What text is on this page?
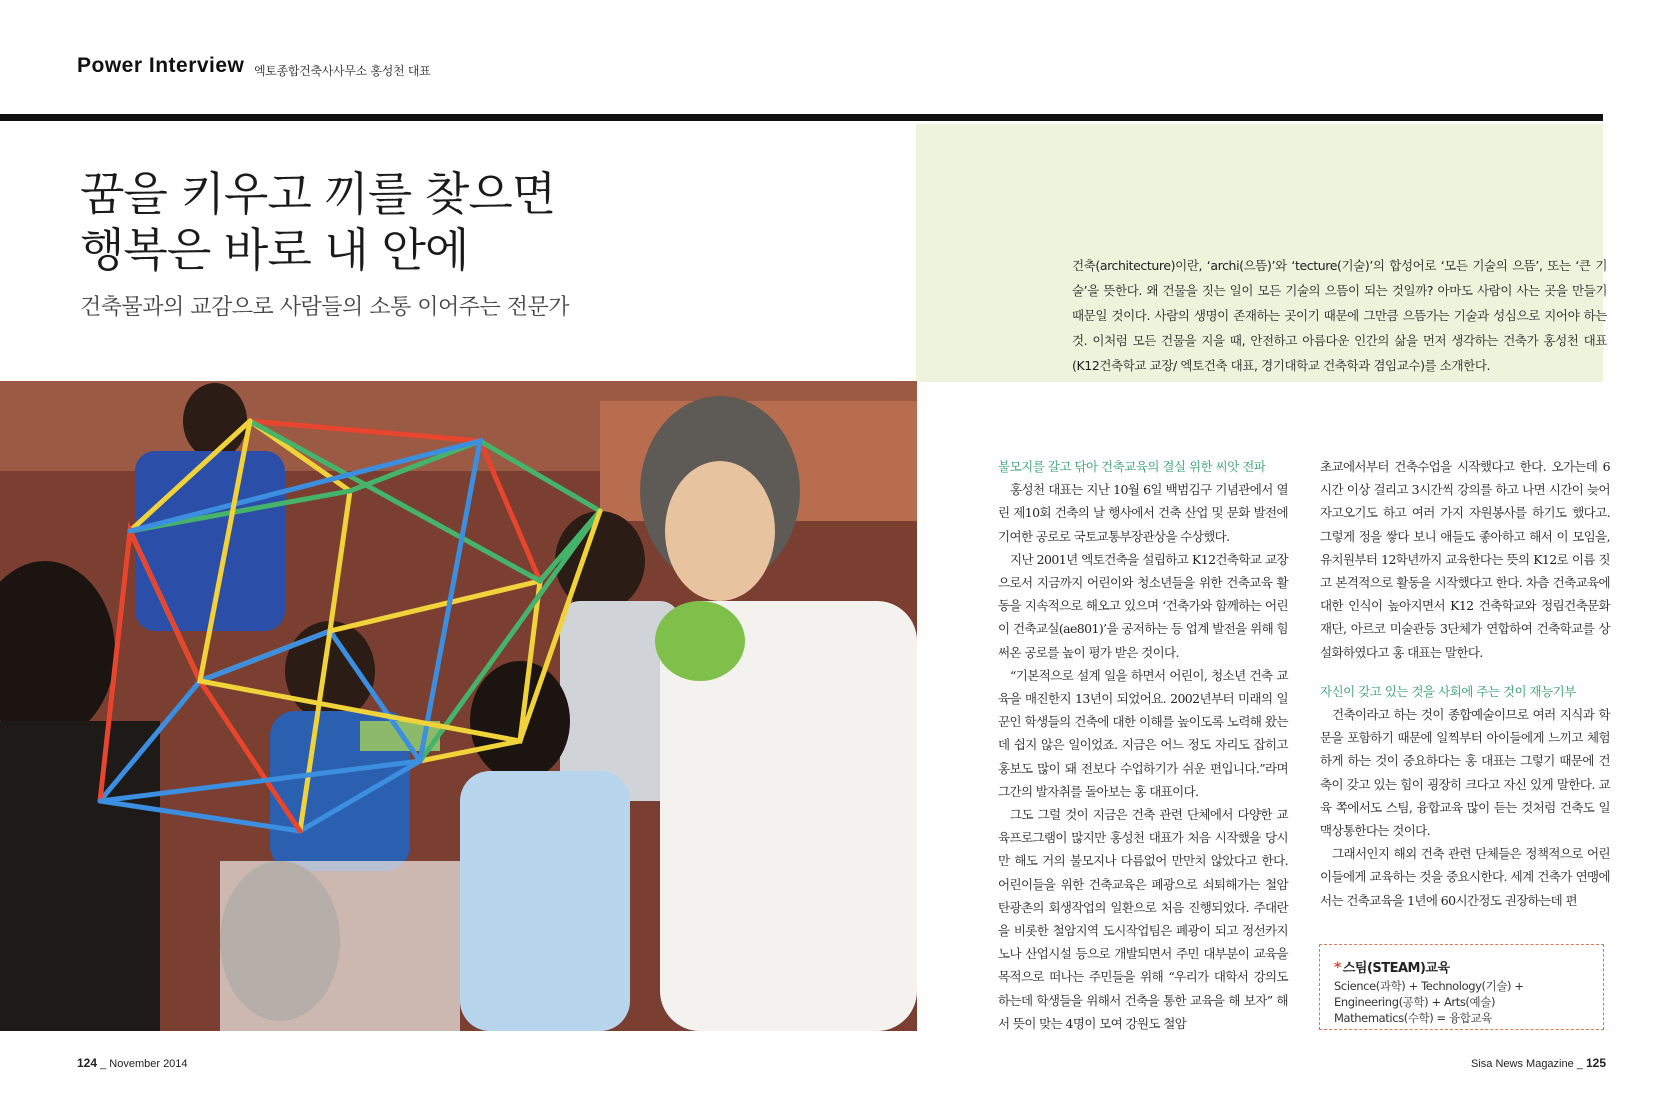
Power Interview 엑토종합건축사사무소 홍성천 대표
꿈을 키우고 끼를 찾으면
행복은 바로 내 안에
건축물과의 교감으로 사람들의 소통 이어주는 전문가
건축(architecture)이란, ‘archi(으뜸)’와 ‘tecture(기술)’의 합성어로 ‘모든 기술의 으뜸’, 또는 ‘큰 기술’을 뜻한다. 왜 건물을 짓는 일이 모든 기술의 으뜸이 되는 것일까? 아마도 사람이 사는 곳을 만들기 때문일 것이다. 사람의 생명이 존재하는 곳이기 때문에 그만큼 으뜸가는 기술과 성심으로 지어야 하는 것. 이처럼 모든 건물을 지을 때, 안전하고 아름다운 인간의 삶을 먼저 생각하는 건축가 홍성천 대표(K12건축학교 교장/ 엑토건축 대표, 경기대학교 건축학과 겸임교수)를 소개한다.

불모지를 갈고 닦아 건축교육의 결실 위한 씨앗 전파

홍성천 대표는 지난 10월 6일 백범김구 기념관에서 열린 제10회 건축의 날 행사에서 건축 산업 및 문화 발전에 기여한 공로로 국토교통부장관상을 수상했다.

지난 2001년 엑토건축을 설립하고 K12건축학교 교장으로서 지금까지 어린이와 청소년들을 위한 건축교육 활동을 지속적으로 해오고 있으며 ‘건축가와 함께하는 어린이 건축교실(ae801)’을 공저하는 등 업계 발전을 위해 힘써온 공로를 높이 평가 받은 것이다.

“기본적으로 설계 일을 하면서 어린이, 청소년 건축 교육을 매진한지 13년이 되었어요. 2002년부터 미래의 일꾼인 학생들의 건축에 대한 이해를 높이도록 노력해 왔는데 쉽지 않은 일이었죠. 지금은 어느 정도 자리도 잡히고 홍보도 많이 돼 전보다 수업하기가 쉬운 편입니다.”라며 그간의 발자취를 돌아보는 홍 대표이다.

그도 그럴 것이 지금은 건축 관련 단체에서 다양한 교육프로그램이 많지만 홍성천 대표가 처음 시작했을 당시만 해도 거의 불모지나 다름없어 만만치 않았다고 한다. 어린이들을 위한 건축교육은 폐광으로 쇠퇴해가는 철암 탄광촌의 회생작업의 일환으로 처음 진행되었다. 주대란을 비롯한 철암지역 도시작업팀은 폐광이 되고 정선카지노나 산업시설 등으로 개발되면서 주민 대부분이 교육을 목적으로 떠나는 주민들을 위해 “우리가 대학서 강의도 하는데 학생들을 위해서 건축을 통한 교육을 해 보자” 해서 뜻이 맞는 4명이 모여 강원도 철암

초교에서부터 건축수업을 시작했다고 한다. 오가는데 6시간 이상 걸리고 3시간씩 강의를 하고 나면 시간이 늦어 자고오기도 하고 여러 가지 자원봉사를 하기도 했다고. 그렇게 정을 쌓다 보니 애들도 좋아하고 해서 이 모임을, 유치원부터 12학년까지 교육한다는 뜻의 K12로 이름 짓고 본격적으로 활동을 시작했다고 한다. 차츰 건축교육에 대한 인식이 높아지면서 K12 건축학교와 정림건축문화재단, 아르코 미술관등 3단체가 연합하여 건축학교를 상설화하였다고 홍 대표는 말한다.

자신이 갖고 있는 것을 사회에 주는 것이 재능기부

건축이라고 하는 것이 종합예술이므로 여러 지식과 학문을 포함하기 때문에 일찍부터 아이들에게 느끼고 체험하게 하는 것이 중요하다는 홍 대표는 그렇기 때문에 건축이 갖고 있는 힘이 굉장히 크다고 자신 있게 말한다. 교육 쪽에서도 스팀, 융합교육 많이 듣는 것처럼 건축도 일맥상통한다는 것이다.

그래서인지 해외 건축 관련 단체들은 정책적으로 어린이들에게 교육하는 것을 중요시한다. 세계 건축가 연맹에서는 건축교육을 1년에 60시간정도 권장하는데 편

* 스팀(STEAM)교육
Science(과학) + Technology(기술) + Engineering(공학) + Arts(예술)
Mathematics(수학) = 융합교육
124 _ November 2014	Sisa News Magazine _ 125
